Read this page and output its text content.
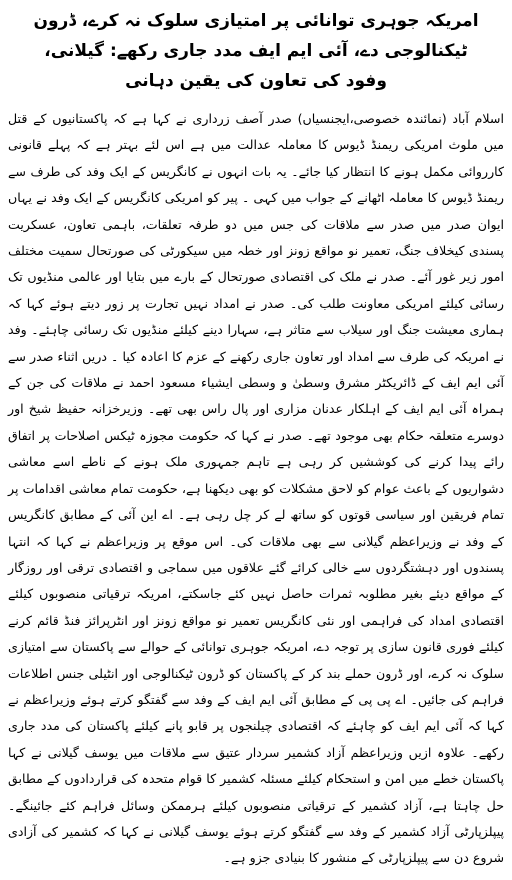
امریکہ جوہری توانائی پر امتیازی سلوک نہ کرے، ڈرون ٹیکنالوجی دے، آئی ایم ایف مدد جاری رکھے: گیلانی،
وفود کی تعاون کی یقین دہانی

اسلام آباد (نمائندہ خصوصی،ایجنسیاں) صدر آصف زرداری نے کہا ہے کہ پاکستانیوں کے قتل میں ملوث امریکی ریمنڈ ڈیوس کا معاملہ عدالت میں ہے اس لئے بہتر ہے کہ پہلے قانونی کارروائی مکمل ہونے کا انتظار کیا جائے۔ یہ بات انہوں نے کانگریس کے ایک وفد کی طرف سے ریمنڈ ڈیوس کا معاملہ اٹھانے کے جواب میں کہی ۔ پیر کو امریکی کانگریس کے ایک وفد نے یہاں ایوان صدر میں صدر سے ملاقات کی جس میں دو طرفہ تعلقات، باہمی تعاون، عسکریت پسندی کیخلاف جنگ، تعمیر نو مواقع زونز اور خطہ میں سیکورٹی کی صورتحال سمیت مختلف امور زیر غور آئے۔ صدر نے ملک کی اقتصادی صورتحال کے بارے میں بتایا اور عالمی منڈیوں تک رسائی کیلئے امریکی معاونت طلب کی۔ صدر نے امداد نہیں تجارت پر زور دیتے ہوئے کہا کہ ہماری معیشت جنگ اور سیلاب سے متاثر ہے، سہارا دینے کیلئے منڈیوں تک رسائی چاہئے۔ وفد نے امریکہ کی طرف سے امداد اور تعاون جاری رکھنے کے عزم کا اعادہ کیا ۔ دریں اثناء صدر سے آئی ایم ایف کے ڈائریکٹر مشرق وسطیٰ و وسطی ایشیاء مسعود احمد نے ملاقات کی جن کے ہمراہ آئی ایم ایف کے اہلکار عدنان مزاری اور پال راس بھی تھے۔ وزیرخزانہ حفیظ شیخ اور دوسرے متعلقہ حکام بھی موجود تھے۔ صدر نے کہا کہ حکومت مجوزہ ٹیکس اصلاحات پر اتفاق رائے پیدا کرنے کی کوششیں کر رہی ہے تاہم جمہوری ملک ہونے کے ناطے اسے معاشی دشواریوں کے باعث عوام کو لاحق مشکلات کو بھی دیکھنا ہے، حکومت تمام معاشی اقدامات پر تمام فریقین اور سیاسی قوتوں کو ساتھ لے کر چل رہی ہے۔ اے این آئی کے مطابق کانگریس کے وفد نے وزیراعظم گیلانی سے بھی ملاقات کی۔ اس موقع پر وزیراعظم نے کہا کہ انتہا پسندوں اور دہشتگردوں سے خالی کرائے گئے علاقوں میں سماجی و اقتصادی ترقی اور روزگار کے مواقع دیئے بغیر مطلوبہ ثمرات حاصل نہیں کئے جاسکتے، امریکہ ترقیاتی منصوبوں کیلئے اقتصادی امداد کی فراہمی اور نئی کانگریس تعمیر نو مواقع زونز اور انٹرپرائز فنڈ قائم کرنے کیلئے فوری قانون سازی پر توجہ دے، امریکہ جوہری توانائی کے حوالے سے پاکستان سے امتیازی سلوک نہ کرے، اور ڈرون حملے بند کر کے پاکستان کو ڈرون ٹیکنالوجی اور انٹیلی جنس اطلاعات فراہم کی جائیں۔ اے پی پی کے مطابق آئی ایم ایف کے وفد سے گفتگو کرتے ہوئے وزیراعظم نے کہا کہ آئی ایم ایف کو چاہئے کہ اقتصادی چیلنجوں پر قابو پانے کیلئے پاکستان کی مدد جاری رکھے۔ علاوہ ازیں وزیراعظم آزاد کشمیر سردار عتیق سے ملاقات میں یوسف گیلانی نے کہا پاکستان خطے میں امن و استحکام کیلئے مسئلہ کشمیر کا قوام متحدہ کی قراردادوں کے مطابق حل چاہتا ہے، آزاد کشمیر کے ترقیاتی منصوبوں کیلئے ہرممکن وسائل فراہم کئے جائینگے۔ پیپلزپارٹی آزاد کشمیر کے وفد سے گفتگو کرتے ہوئے یوسف گیلانی نے کہا کہ کشمیر کی آزادی شروع دن سے پیپلزپارٹی کے منشور کا بنیادی جزو ہے۔
